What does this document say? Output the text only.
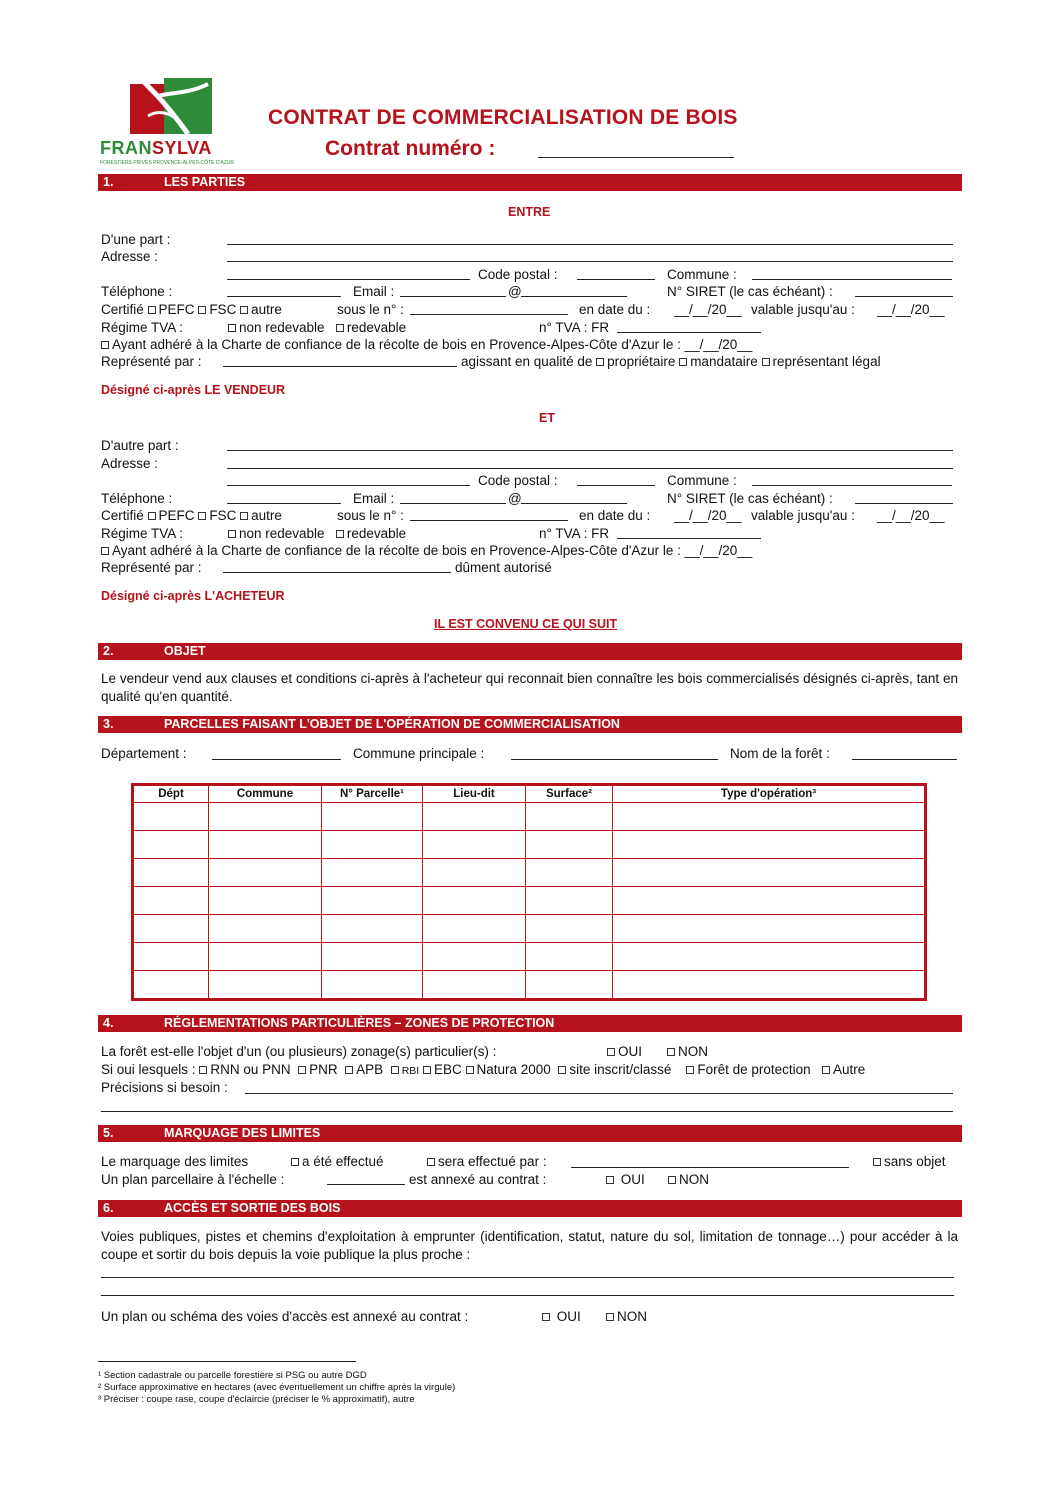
FRANSYLVA
FORESTIERS PRIVÉS PROVENCE-ALPES-CÔTE D'AZUR
CONTRAT DE COMMERCIALISATION DE BOIS
Contrat numéro :
1.	LES PARTIES
ENTRE
D'une part :
Adresse :
Code postal :	Commune :
Téléphone :	Email :	@	N° SIRET (le cas échéant) :
Certifié PEFC FSC autre	sous le n° :	en date du : __/__/20__ valable jusqu'au : __/__/20__
Régime TVA :	non redevable redevable	n° TVA : FR
Ayant adhéré à la Charte de confiance de la récolte de bois en Provence-Alpes-Côte d'Azur le : __/__/20__
Représenté par :	agissant en qualité de propriétaire mandataire représentant légal
Désigné ci-après LE VENDEUR
ET
D'autre part :
Adresse :
Code postal :	Commune :
Téléphone :	Email :	@	N° SIRET (le cas échéant) :
Certifié PEFC FSC autre	sous le n° :	en date du : __/__/20__ valable jusqu'au : __/__/20__
Régime TVA :	non redevable redevable	n° TVA : FR
Ayant adhéré à la Charte de confiance de la récolte de bois en Provence-Alpes-Côte d'Azur le : __/__/20__
Représenté par :	dûment autorisé
Désigné ci-après L'ACHETEUR
IL EST CONVENU CE QUI SUIT
2.	OBJET
Le vendeur vend aux clauses et conditions ci-après à l'acheteur qui reconnait bien connaître les bois commercialisés désignés ci-après, tant en qualité qu'en quantité.
3.	PARCELLES FAISANT L'OBJET DE L'OPÉRATION DE COMMERCIALISATION
Département :	Commune principale :	Nom de la forêt :
Dépt	Commune	N° Parcelle¹	Lieu-dit	Surface²	Type d'opération³

4.	RÉGLEMENTATIONS PARTICULIÈRES – ZONES DE PROTECTION
La forêt est-elle l'objet d'un (ou plusieurs) zonage(s) particulier(s) :	OUI	NON
Si oui lesquels : RNN ou PNN PNR APB RBI EBC Natura 2000 site inscrit/classé Forêt de protection Autre
Précisions si besoin :
5.	MARQUAGE DES LIMITES
Le marquage des limites	a été effectué	sera effectué par :	sans objet
Un plan parcellaire à l'échelle :	est annexé au contrat :	OUI	NON
6.	ACCÈS ET SORTIE DES BOIS
Voies publiques, pistes et chemins d'exploitation à emprunter (identification, statut, nature du sol, limitation de tonnage…) pour accéder à la coupe et sortir du bois depuis la voie publique la plus proche :
Un plan ou schéma des voies d'accès est annexé au contrat :	OUI	NON
¹ Section cadastrale ou parcelle forestière si PSG ou autre DGD
² Surface approximative en hectares (avec éventuellement un chiffre après la virgule)
³ Préciser : coupe rase, coupe d'éclaircie (préciser le % approximatif), autre
